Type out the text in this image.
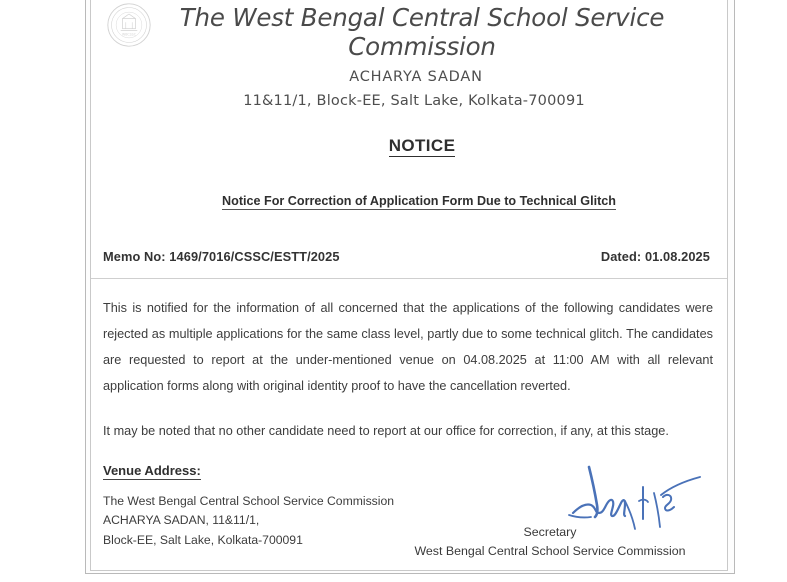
WBCSSC
The West Bengal Central School Service Commission
ACHARYA SADAN
11&11/1, Block-EE, Salt Lake, Kolkata-700091
NOTICE
Notice For Correction of Application Form Due to Technical Glitch
Memo No: 1469/7016/CSSC/ESTT/2025	Dated: 01.08.2025
This is notified for the information of all concerned that the applications of the following candidates were rejected as multiple applications for the same class level, partly due to some technical glitch. The candidates are requested to report at the under-mentioned venue on 04.08.2025 at 11:00 AM with all relevant application forms along with original identity proof to have the cancellation reverted.
It may be noted that no other candidate need to report at our office for correction, if any, at this stage.
Venue Address:
The West Bengal Central School Service Commission
ACHARYA SADAN, 11&11/1,
Block-EE, Salt Lake, Kolkata-700091
Secretary
West Bengal Central School Service Commission
